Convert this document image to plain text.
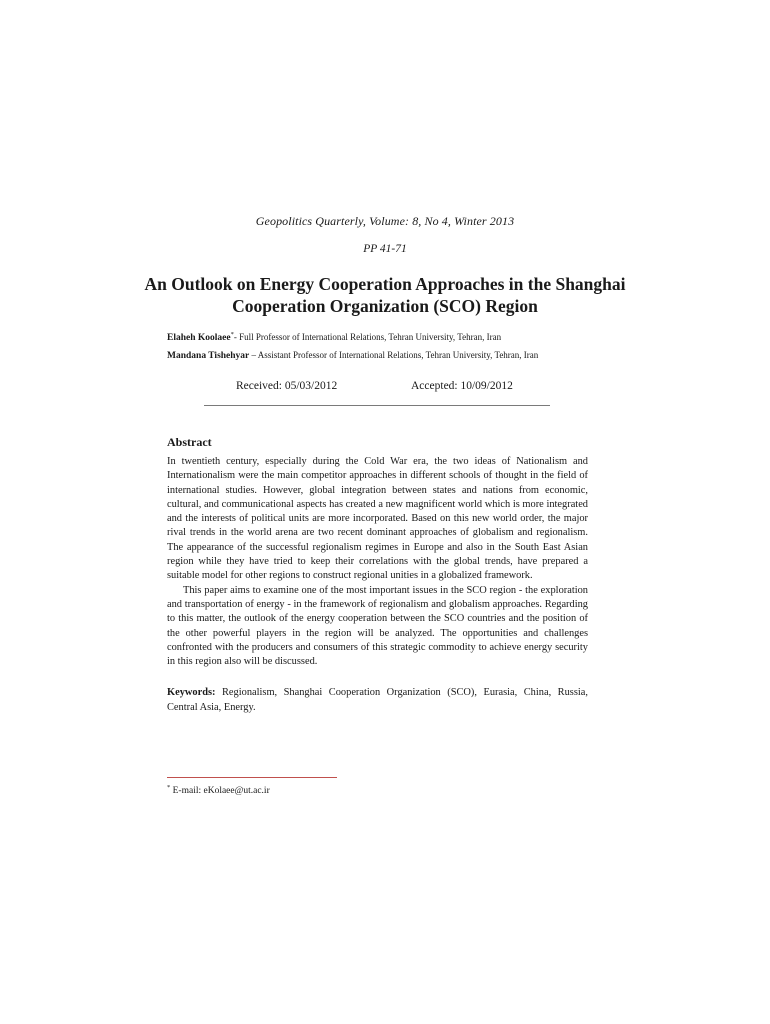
Geopolitics Quarterly, Volume: 8, No 4, Winter 2013
PP 41-71
An Outlook on Energy Cooperation Approaches in the Shanghai Cooperation Organization (SCO) Region
Elaheh Koolaee*- Full Professor of International Relations, Tehran University, Tehran, Iran
Mandana Tishehyar – Assistant Professor of International Relations, Tehran University, Tehran, Iran
Received: 05/03/2012	Accepted: 10/09/2012
Abstract

In twentieth century, especially during the Cold War era, the two ideas of Nationalism and Internationalism were the main competitor approaches in different schools of thought in the field of international studies. However, global integration between states and nations from economic, cultural, and communicational aspects has created a new magnificent world which is more integrated and the interests of political units are more incorporated. Based on this new world order, the major rival trends in the world arena are two recent dominant approaches of globalism and regionalism. The appearance of the successful regionalism regimes in Europe and also in the South East Asian region while they have tried to keep their correlations with the global trends, have prepared a suitable model for other regions to construct regional unities in a globalized framework.

This paper aims to examine one of the most important issues in the SCO region - the exploration and transportation of energy - in the framework of regionalism and globalism approaches. Regarding to this matter, the outlook of the energy cooperation between the SCO countries and the position of the other powerful players in the region will be analyzed. The opportunities and challenges confronted with the producers and consumers of this strategic commodity to achieve energy security in this region also will be discussed.

Keywords: Regionalism, Shanghai Cooperation Organization (SCO), Eurasia, China, Russia, Central Asia, Energy.
* E-mail: eKolaee@ut.ac.ir
